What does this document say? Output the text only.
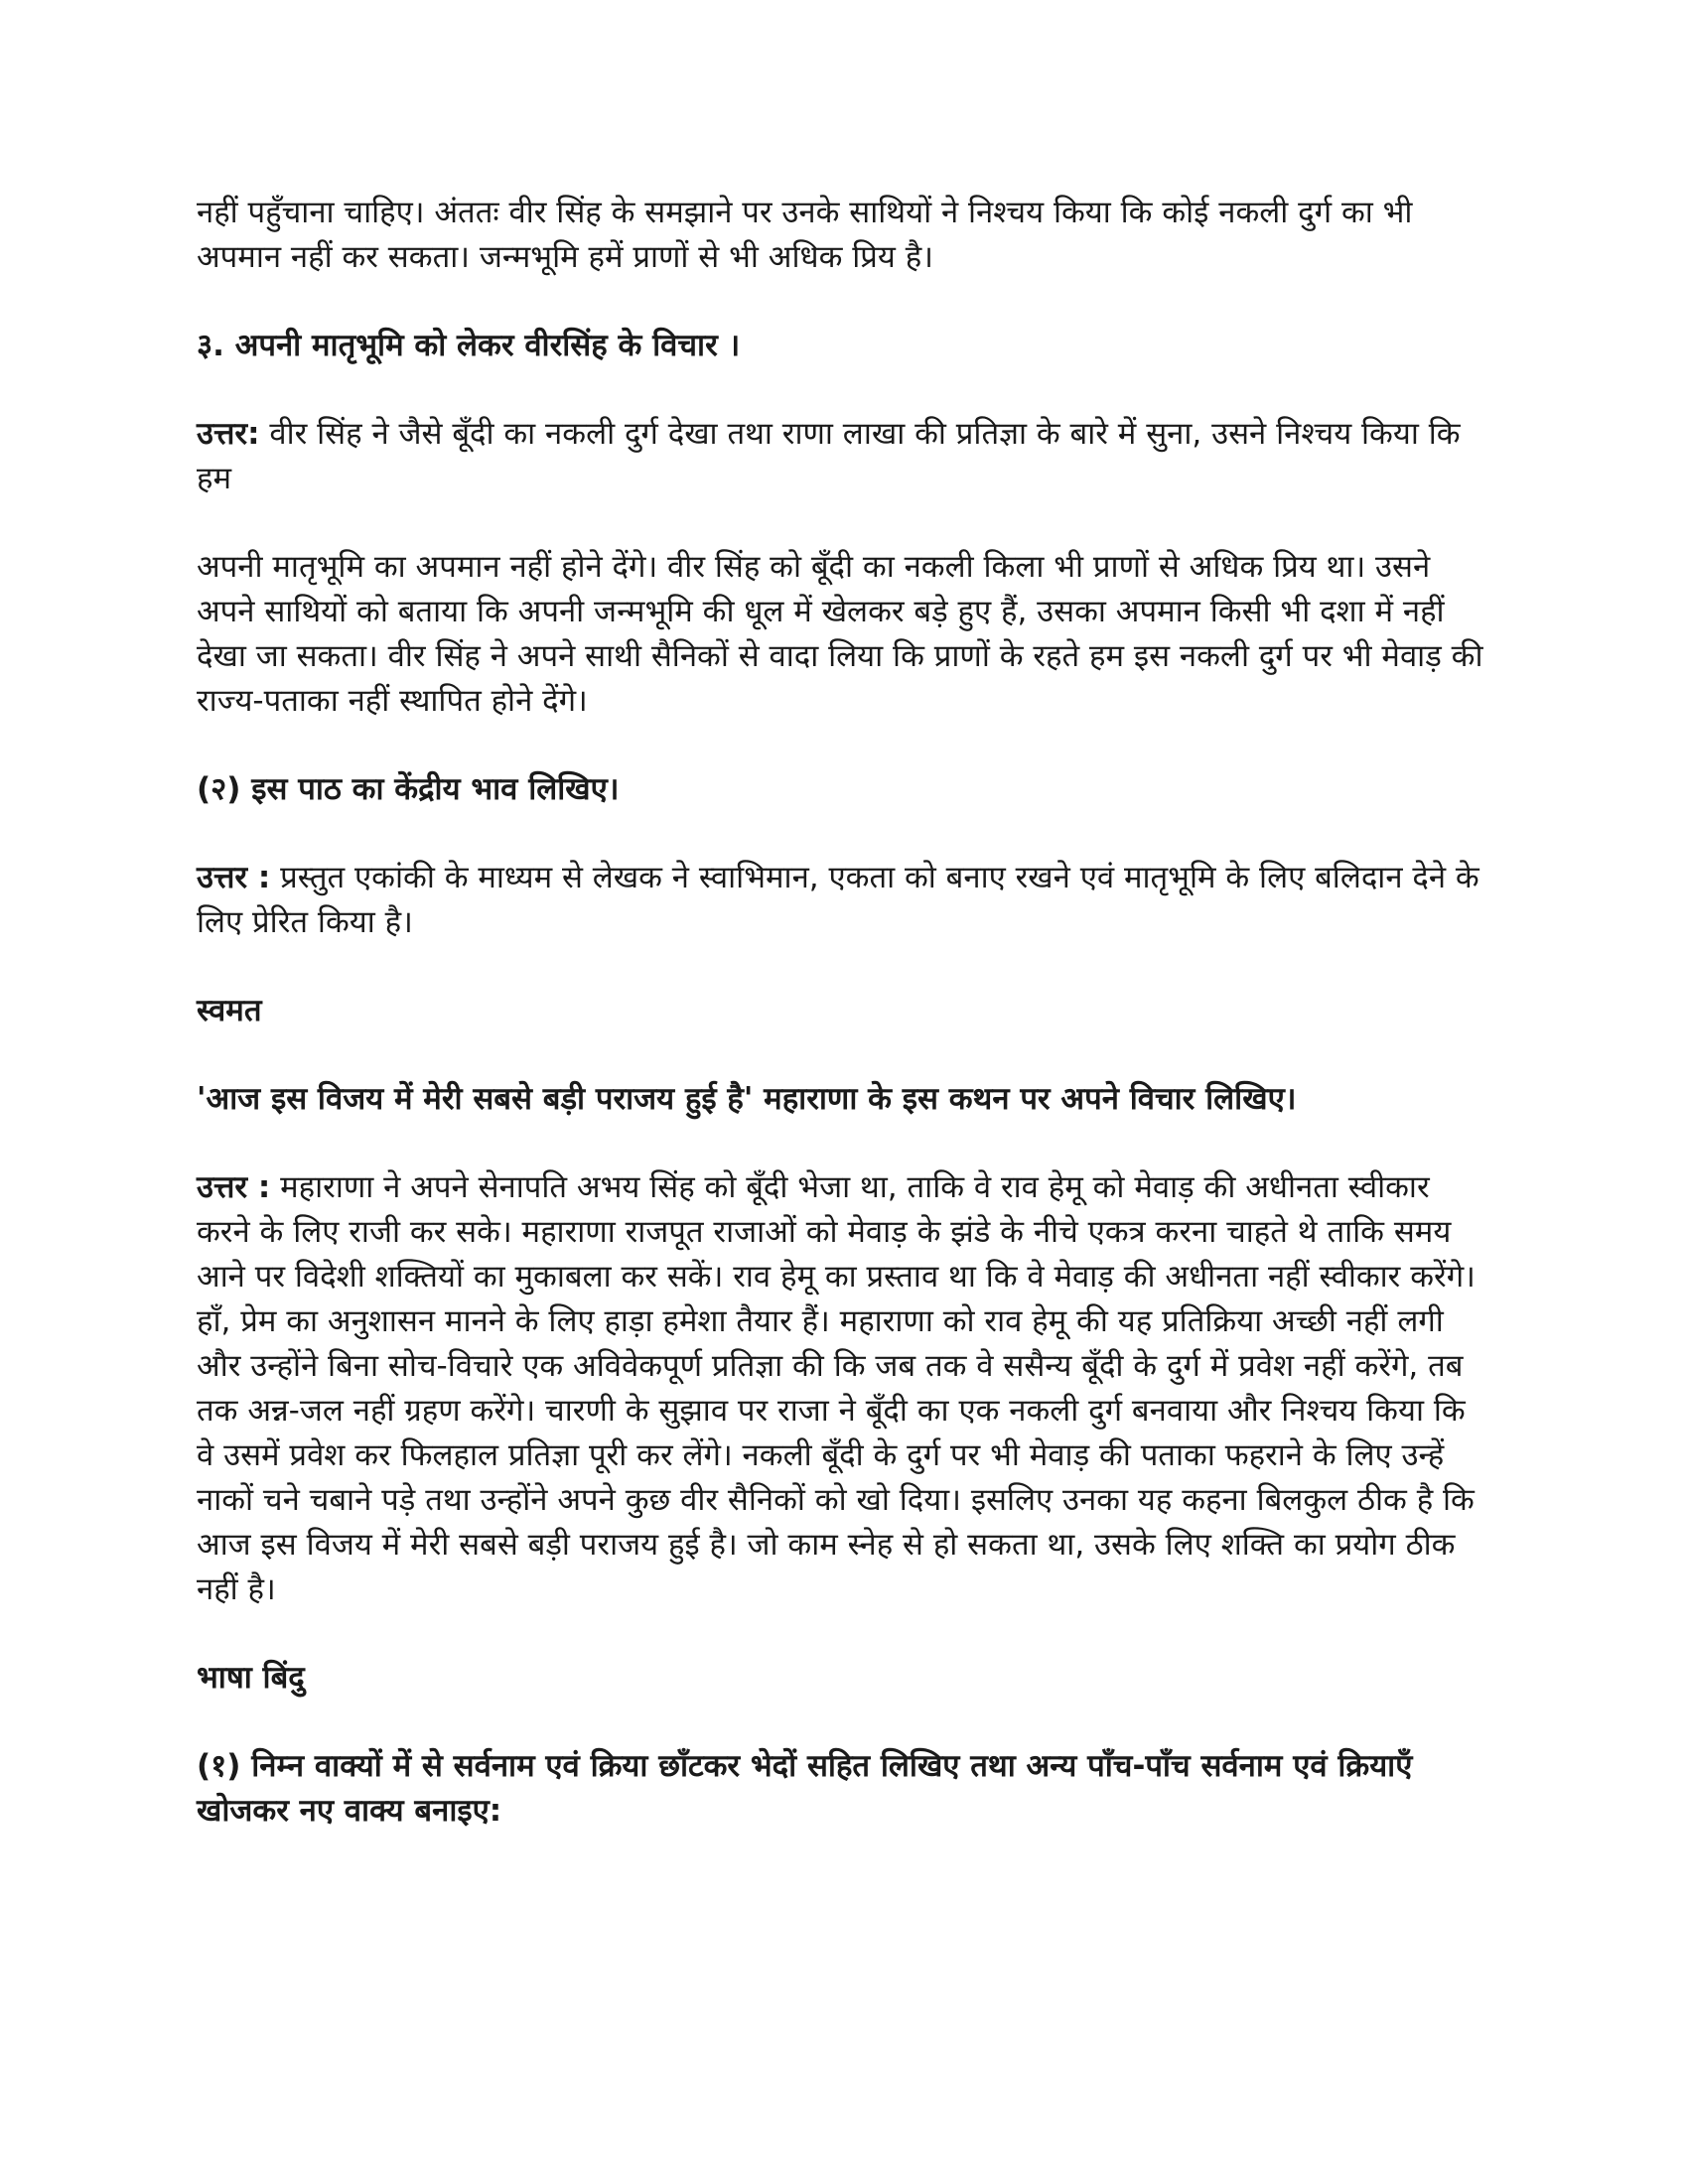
नहीं पहुँचाना चाहिए। अंततः वीर सिंह के समझाने पर उनके साथियों ने निश्चय किया कि कोई नकली दुर्ग का भी अपमान नहीं कर सकता। जन्मभूमि हमें प्राणों से भी अधिक प्रिय है।

३. अपनी मातृभूमि को लेकर वीरसिंह के विचार ।

उत्तर: वीर सिंह ने जैसे बूँदी का नकली दुर्ग देखा तथा राणा लाखा की प्रतिज्ञा के बारे में सुना, उसने निश्चय किया कि हम

अपनी मातृभूमि का अपमान नहीं होने देंगे। वीर सिंह को बूँदी का नकली किला भी प्राणों से अधिक प्रिय था। उसने अपने साथियों को बताया कि अपनी जन्मभूमि की धूल में खेलकर बड़े हुए हैं, उसका अपमान किसी भी दशा में नहीं देखा जा सकता। वीर सिंह ने अपने साथी सैनिकों से वादा लिया कि प्राणों के रहते हम इस नकली दुर्ग पर भी मेवाड़ की राज्य-पताका नहीं स्थापित होने देंगे।

(२) इस पाठ का केंद्रीय भाव लिखिए।

उत्तर : प्रस्तुत एकांकी के माध्यम से लेखक ने स्वाभिमान, एकता को बनाए रखने एवं मातृभूमि के लिए बलिदान देने के लिए प्रेरित किया है।

स्वमत

'आज इस विजय में मेरी सबसे बड़ी पराजय हुई है' महाराणा के इस कथन पर अपने विचार लिखिए।

उत्तर : महाराणा ने अपने सेनापति अभय सिंह को बूँदी भेजा था, ताकि वे राव हेमू को मेवाड़ की अधीनता स्वीकार करने के लिए राजी कर सके। महाराणा राजपूत राजाओं को मेवाड़ के झंडे के नीचे एकत्र करना चाहते थे ताकि समय आने पर विदेशी शक्तियों का मुकाबला कर सकें। राव हेमू का प्रस्ताव था कि वे मेवाड़ की अधीनता नहीं स्वीकार करेंगे। हाँ, प्रेम का अनुशासन मानने के लिए हाड़ा हमेशा तैयार हैं। महाराणा को राव हेमू की यह प्रतिक्रिया अच्छी नहीं लगी और उन्होंने बिना सोच-विचारे एक अविवेकपूर्ण प्रतिज्ञा की कि जब तक वे ससैन्य बूँदी के दुर्ग में प्रवेश नहीं करेंगे, तब तक अन्न-जल नहीं ग्रहण करेंगे। चारणी के सुझाव पर राजा ने बूँदी का एक नकली दुर्ग बनवाया और निश्चय किया कि वे उसमें प्रवेश कर फिलहाल प्रतिज्ञा पूरी कर लेंगे। नकली बूँदी के दुर्ग पर भी मेवाड़ की पताका फहराने के लिए उन्हें नाकों चने चबाने पड़े तथा उन्होंने अपने कुछ वीर सैनिकों को खो दिया। इसलिए उनका यह कहना बिलकुल ठीक है कि आज इस विजय में मेरी सबसे बड़ी पराजय हुई है। जो काम स्नेह से हो सकता था, उसके लिए शक्ति का प्रयोग ठीक नहीं है।

भाषा बिंदु

(१) निम्न वाक्यों में से सर्वनाम एवं क्रिया छाँटकर भेदों सहित लिखिए तथा अन्य पाँच-पाँच सर्वनाम एवं क्रियाएँ खोजकर नए वाक्य बनाइए:
